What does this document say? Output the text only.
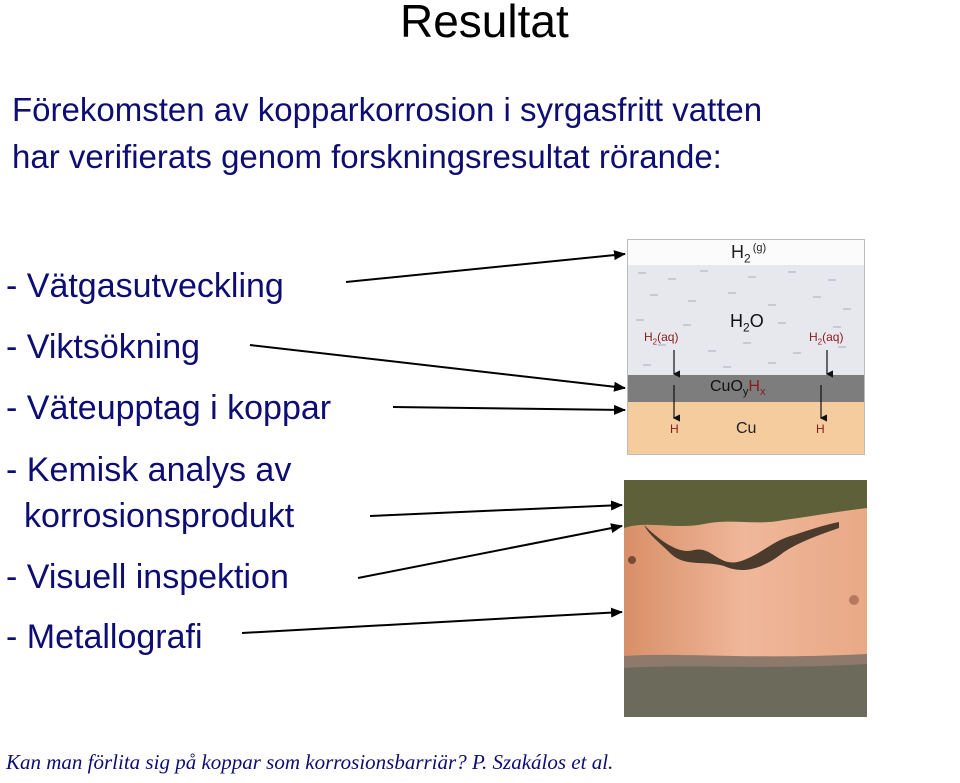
Resultat
Förekomsten av kopparkorrosion i syrgasfritt vatten
har verifierats genom forskningsresultat rörande:
- Vätgasutveckling
- Viktsökning
- Väteupptag i koppar
- Kemisk analys av
korrosionsprodukt
- Visuell inspektion
- Metallografi
$H_2^{(g)}$
$H_2O$
$H_2(aq)$	$H_2(aq)$
$CuO_yH_x$
Cu
H	H
Kan man förlita sig på koppar som korrosionsbarriär? P. Szakálos et al.
